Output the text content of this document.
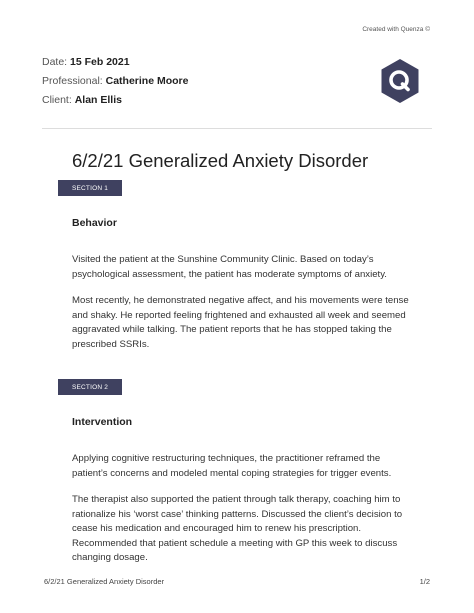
Created with Quenza ©
Date: 15 Feb 2021
Professional: Catherine Moore
Client: Alan Ellis
6/2/21 Generalized Anxiety Disorder
SECTION 1
Behavior

Visited the patient at the Sunshine Community Clinic. Based on today’s psychological assessment, the patient has moderate symptoms of anxiety.

Most recently, he demonstrated negative affect, and his movements were tense and shaky. He reported feeling frightened and exhausted all week and seemed aggravated while talking. The patient reports that he has stopped taking the prescribed SSRIs.

SECTION 2
Intervention

Applying cognitive restructuring techniques, the practitioner reframed the patient’s concerns and modeled mental coping strategies for trigger events.

The therapist also supported the patient through talk therapy, coaching him to rationalize his ‘worst case’ thinking patterns. Discussed the client’s decision to cease his medication and encouraged him to renew his prescription. Recommended that patient schedule a meeting with GP this week to discuss changing dosage.

6/2/21 Generalized Anxiety Disorder	1/2
